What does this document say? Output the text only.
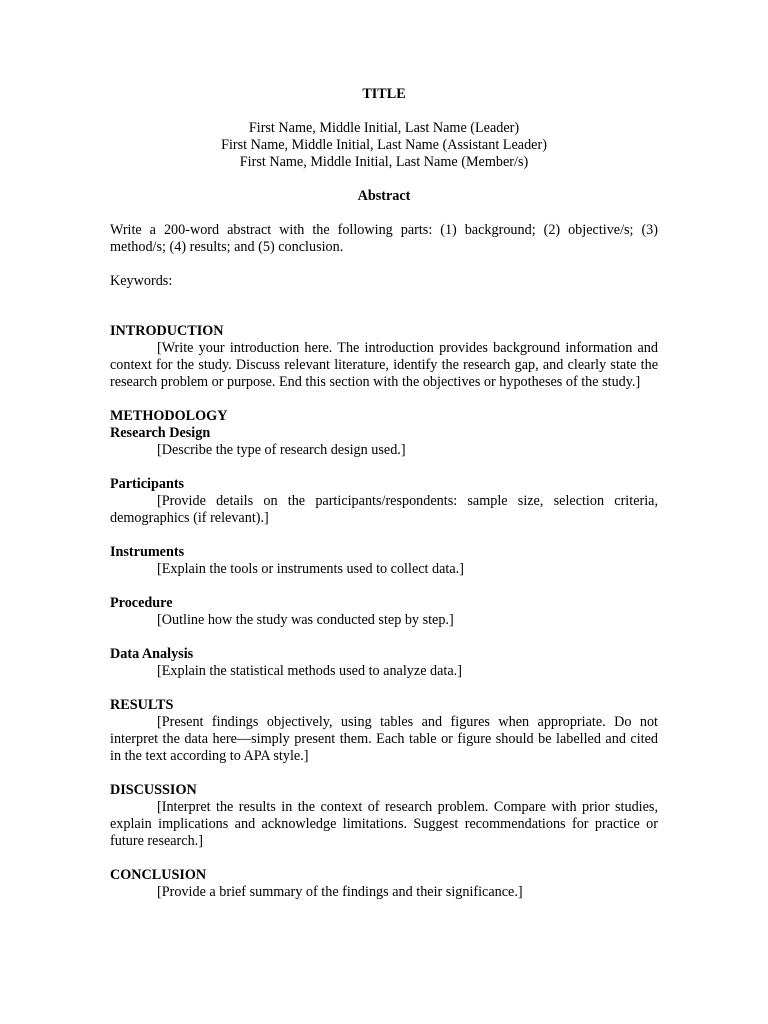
TITLE
First Name, Middle Initial, Last Name (Leader)
First Name, Middle Initial, Last Name (Assistant Leader)
First Name, Middle Initial, Last Name (Member/s)
Abstract

Write a 200-word abstract with the following parts: (1) background; (2) objective/s; (3) method/s; (4) results; and (5) conclusion.

Keywords:
INTRODUCTION

[Write your introduction here. The introduction provides background information and context for the study. Discuss relevant literature, identify the research gap, and clearly state the research problem or purpose. End this section with the objectives or hypotheses of the study.]

METHODOLOGY
Research Design

[Describe the type of research design used.]

Participants

[Provide details on the participants/respondents: sample size, selection criteria, demographics (if relevant).]

Instruments

[Explain the tools or instruments used to collect data.]

Procedure

[Outline how the study was conducted step by step.]

Data Analysis

[Explain the statistical methods used to analyze data.]

RESULTS

[Present findings objectively, using tables and figures when appropriate. Do not interpret the data here—simply present them. Each table or figure should be labelled and cited in the text according to APA style.]

DISCUSSION

[Interpret the results in the context of research problem. Compare with prior studies, explain implications and acknowledge limitations. Suggest recommendations for practice or future research.]

CONCLUSION

[Provide a brief summary of the findings and their significance.]
